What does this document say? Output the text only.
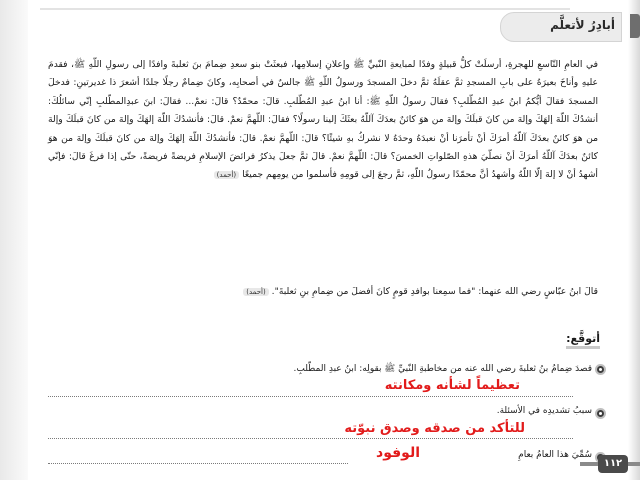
أبادِرُ لأتعلَّم

في العامِ التّاسعِ للهجرةِ، أرسلَتْ كلُّ قبيلةٍ وفدًا لمبايعةِ النّبيِّ ﷺ وإعلانِ إسلامِها، فبعثَتْ بنو سعدِ ضِمامَ بنَ ثعلبةَ وافدًا إلى رسولِ اللّهِ ﷺ، فقدمَ عليهِ وأناخَ بعيرَهُ على بابِ المسجدِ ثمَّ عقلَهُ ثمَّ دخلَ المسجدَ ورسولُ اللّهِ ﷺ جالسٌ في أصحابِه، وكانَ ضِمامٌ رجلًا جلدًا أشعرَ ذا غديرتينِ: فدخلَ المسجدَ فقالَ أيُّكمُ ابنُ عبدِ المُطّلبِ؟ فقالَ رسولُ اللّهِ ﷺ: أنا ابنُ عبدِ المُطّلبِ. قالَ: محمّدٌ؟ قالَ: نعمْ... فقالَ: ابنَ عبدِالمطّلبِ إنّي سائلُكَ: أنشدُكَ اللّهَ إلهَكَ وإلهَ من كانَ قبلَكَ وإلهَ من هوَ كائنٌ بعدَكَ آللّهُ بعثَكَ إلينا رسولًا؟ فقالَ: اللّهمَّ نعمْ. قالَ: فأنشدُكَ اللّهَ إلهَكَ وإلهَ من كانَ قبلَكَ وإلهَ من هوَ كائنٌ بعدَكَ آللّهُ أمرَكَ أنْ تأمرَنا أنْ نعبدَهُ وحدَهُ لا نشركُ بهِ شيئًا؟ قالَ: اللّهمَّ نعمْ. قالَ: فأنشدُكَ اللّهَ إلهَكَ وإلهَ من كانَ قبلَكَ وإلهَ من هوَ كائنٌ بعدَكَ آللّهُ أمرَكَ أنْ نصلّيَ هذهِ الصّلواتِ الخمسَ؟ قالَ: اللّهمَّ نعمْ. قالَ ثمَّ جعلَ يذكرُ فرائضَ الإسلامِ فريضةً فريضةً، حتّى إذا فرغَ قالَ: فإنّي أشهدُ أنْ لا إلهَ إلّا اللّهُ وأشهدُ أنَّ محمّدًا رسولُ اللّهِ، ثمَّ رجعَ إلى قومِهِ فأسلموا من يومِهم جميعًا (أحمد)

قالَ ابنُ عبّاسٍ رضي الله عنهما: "فما سمِعنا بوافدِ قومٍ كانَ أفضلَ من ضِمامِ بنِ ثعلبةَ". (أحمد)
أتوقَّع:
قصدَ ضِمامُ بنُ ثعلبةَ رضي الله عنه من مخاطبةِ النّبيِّ ﷺ بقولِه: ابنُ عبدِ المطّلبِ.
تعظيماً لشأنه ومكانته
سببُ تشديدِه في الأسئلة.
للتأكد من صدقه وصدق نبوّته
سُمِّيَ هذا العامُ بعامِ
الوفود
١١٢
